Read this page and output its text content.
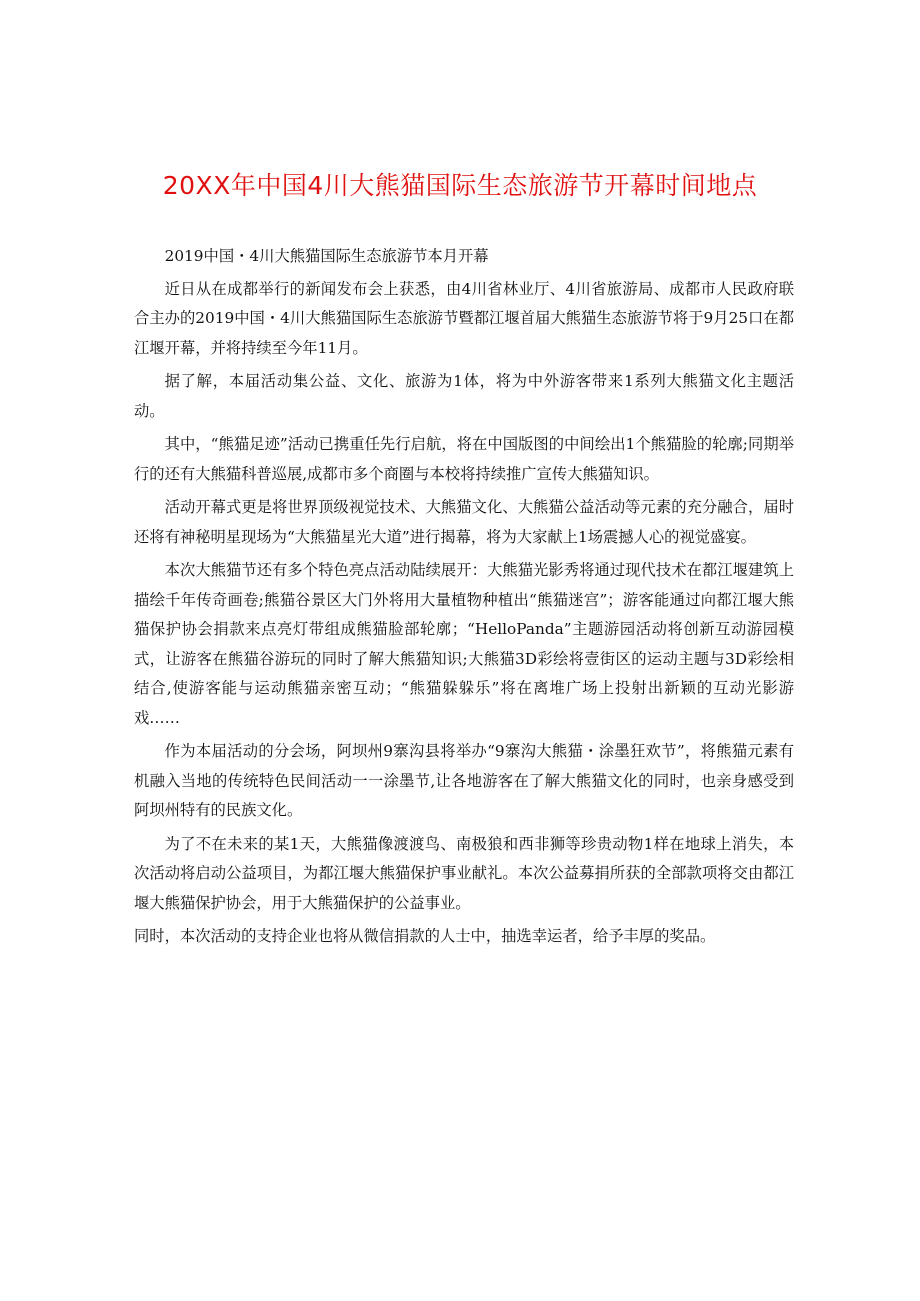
20XX年中国4川大熊猫国际生态旅游节开幕时间地点

2019中国・4川大熊猫国际生态旅游节本月开幕

近日从在成都举行的新闻发布会上获悉，由4川省林业厅、4川省旅游局、成都市人民政府联合主办的2019中国・4川大熊猫国际生态旅游节暨都江堰首届大熊猫生态旅游节将于9月25口在都江堰开幕，并将持续至今年11月。

据了解，本届活动集公益、文化、旅游为1体，将为中外游客带来1系列大熊猫文化主题活动。

其中，“熊猫足迹”活动已携重任先行启航，将在中国版图的中间绘出1个熊猫脸的轮廓;同期举行的还有大熊猫科普巡展,成都市多个商圈与本校将持续推广宣传大熊猫知识。

活动开幕式更是将世界顶级视觉技术、大熊猫文化、大熊猫公益活动等元素的充分融合，届时还将有神秘明星现场为“大熊猫星光大道”进行揭幕，将为大家献上1场震撼人心的视觉盛宴。

本次大熊猫节还有多个特色亮点活动陆续展开：大熊猫光影秀将通过现代技术在都江堰建筑上描绘千年传奇画卷;熊猫谷景区大门外将用大量植物种植出“熊猫迷宫”；游客能通过向都江堰大熊猫保护协会捐款来点亮灯带组成熊猫脸部轮廓；“HelloPanda”主题游园活动将创新互动游园模式，让游客在熊猫谷游玩的同时了解大熊猫知识;大熊猫3D彩绘将壹街区的运动主题与3D彩绘相结合,使游客能与运动熊猫亲密互动；“熊猫躲躲乐”将在离堆广场上投射出新颖的互动光影游戏……

作为本届活动的分会场，阿坝州9寨沟县将举办“9寨沟大熊猫・涂墨狂欢节”，将熊猫元素有机融入当地的传统特色民间活动一一涂墨节,让各地游客在了解大熊猫文化的同时，也亲身感受到阿坝州特有的民族文化。

为了不在未来的某1天，大熊猫像渡渡鸟、南极狼和西非狮等珍贵动物1样在地球上消失，本次活动将启动公益项目，为都江堰大熊猫保护事业献礼。本次公益募捐所获的全部款项将交由都江堰大熊猫保护协会，用于大熊猫保护的公益事业。

同时，本次活动的支持企业也将从微信捐款的人士中，抽选幸运者，给予丰厚的奖品。
